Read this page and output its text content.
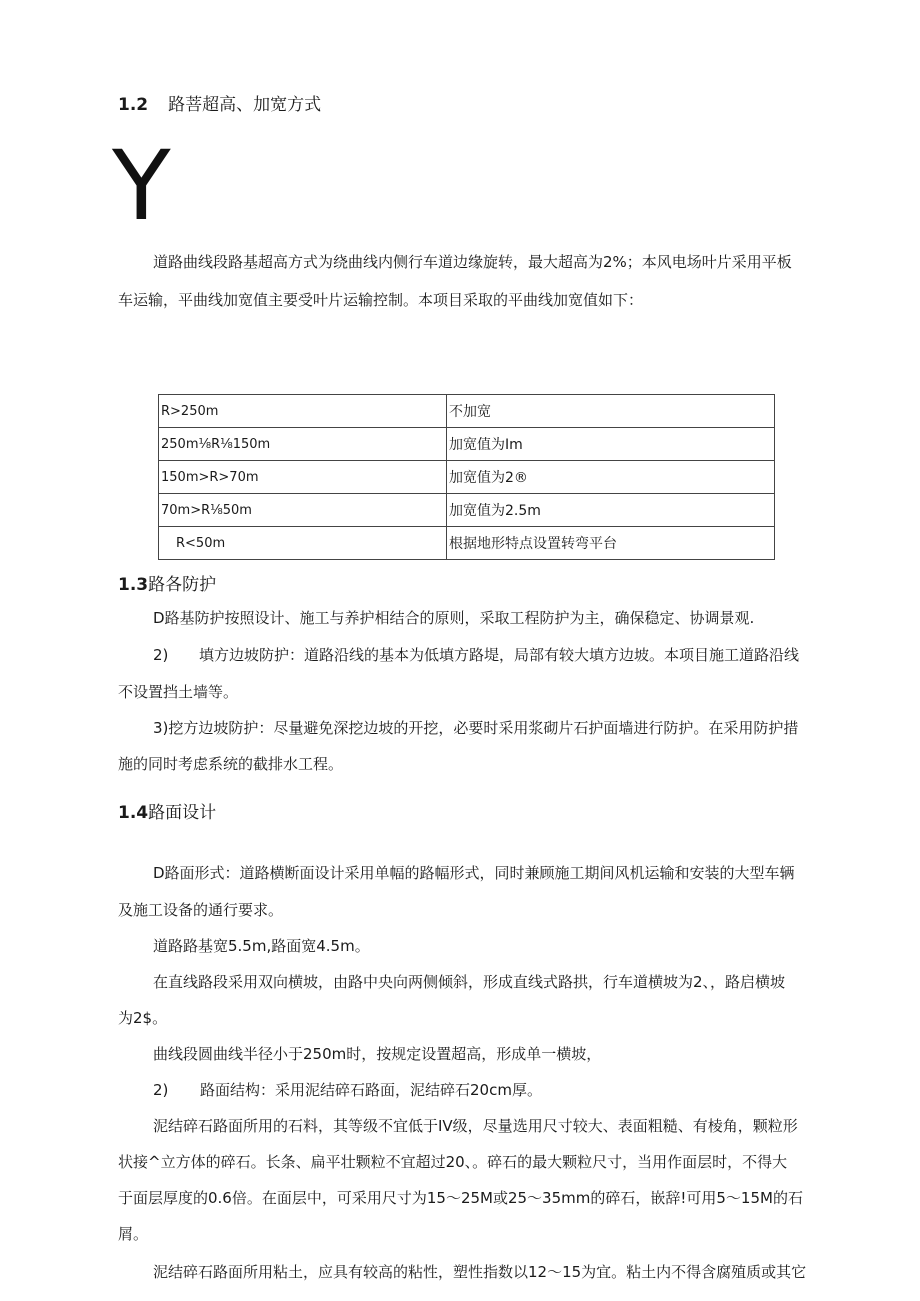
1.2 路菩超高、加宽方式
Y
道路曲线段路基超高方式为绕曲线内侧行车道边缘旋转，最大超高为2%；本风电场叶片采用平板
车运输，平曲线加宽值主要受叶片运输控制。本项目采取的平曲线加宽值如下：
R>250m	不加宽
250m⅛R⅛150m	加宽值为Im
150m>R>70m	加宽值为2®
70m>R⅛50m	加宽值为2.5m
R<50m	根据地形特点设置转弯平台
1.3路各防护
D路基防护按照设计、施工与养护相结合的原则，采取工程防护为主，确保稳定、协调景观.
2) 填方边坡防护：道路沿线的基本为低填方路堤，局部有较大填方边坡。本项目施工道路沿线
不设置挡土墙等。
3)挖方边坡防护：尽量避免深挖边坡的开挖，必要时采用浆砌片石护面墙进行防护。在采用防护措
施的同时考虑系统的截排水工程。
1.4路面设计
D路面形式：道路横断面设计采用单幅的路幅形式，同时兼顾施工期间风机运输和安装的大型车辆
及施工设备的通行要求。
道路路基宽5.5m,路面宽4.5m。
在直线路段采用双向横坡，由路中央向两侧倾斜，形成直线式路拱，行车道横坡为2、，路启横坡
为2$。
曲线段圆曲线半径小于250m时，按规定设置超高，形成单一横坡，
2) 路面结构：采用泥结碎石路面，泥结碎石20cm厚。
泥结碎石路面所用的石料，其等级不宜低于IV级，尽量选用尺寸较大、表面粗糙、有棱角，颗粒形
状接^立方体的碎石。长条、扁平壮颗粒不宜超过20、。碎石的最大颗粒尺寸，当用作面层时，不得大
于面层厚度的0.6倍。在面层中，可采用尺寸为15〜25M或25〜35mm的碎石，嵌辞!可用5〜15M的石
屑。
泥结碎石路面所用粘土，应具有较高的粘性，塑性指数以12〜15为宜。粘土内不得含腐殖质或其它
